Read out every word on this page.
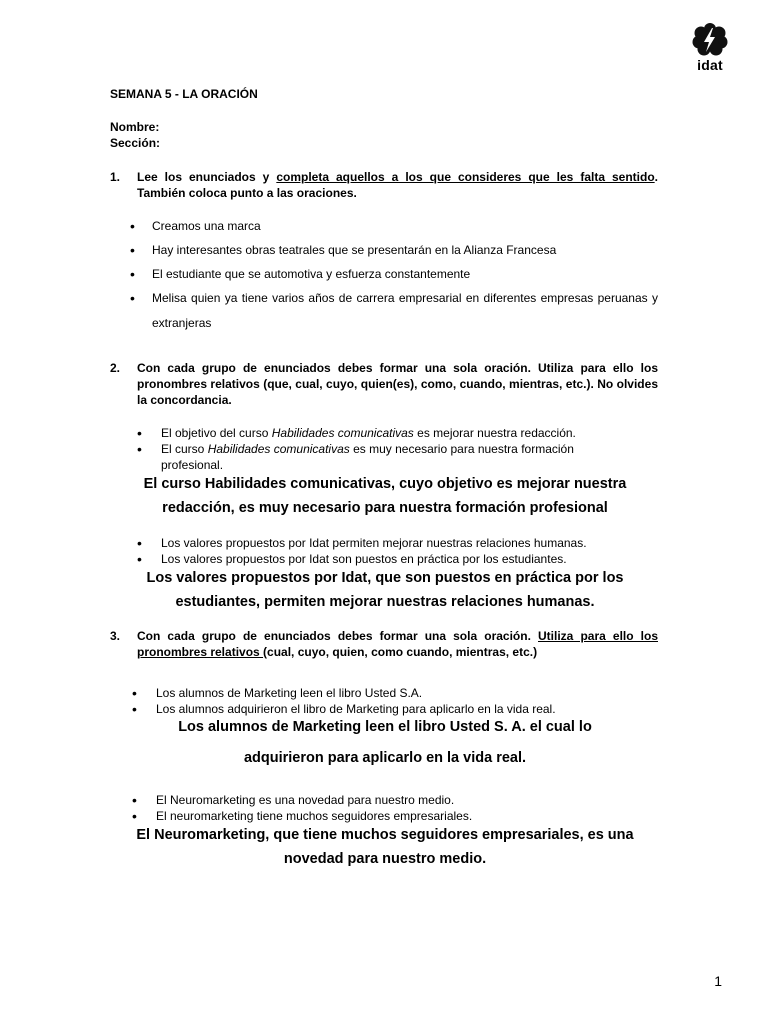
idat
SEMANA 5 - LA ORACIÓN
Nombre:
Sección:
1. Lee los enunciados y completa aquellos a los que consideres que les falta sentido. También coloca punto a las oraciones.
• Creamos una marca
• Hay interesantes obras teatrales que se presentarán en la Alianza Francesa
• El estudiante que se automotiva y esfuerza constantemente
• Melisa quien ya tiene varios años de carrera empresarial en diferentes empresas peruanas y extranjeras
2. Con cada grupo de enunciados debes formar una sola oración. Utiliza para ello los pronombres relativos (que, cual, cuyo, quien(es), como, cuando, mientras, etc.). No olvides la concordancia.
• El objetivo del curso Habilidades comunicativas es mejorar nuestra redacción.
• El curso Habilidades comunicativas es muy necesario para nuestra formación profesional.
El curso Habilidades comunicativas, cuyo objetivo es mejorar nuestra
redacción, es muy necesario para nuestra formación profesional
• Los valores propuestos por Idat permiten mejorar nuestras relaciones humanas.
• Los valores propuestos por Idat son puestos en práctica por los estudiantes.
Los valores propuestos por Idat, que son puestos en práctica por los
estudiantes, permiten mejorar nuestras relaciones humanas.
3. Con cada grupo de enunciados debes formar una sola oración. Utiliza para ello los pronombres relativos (cual, cuyo, quien, como cuando, mientras, etc.)
• Los alumnos de Marketing leen el libro Usted S.A.
• Los alumnos adquirieron el libro de Marketing para aplicarlo en la vida real.
Los alumnos de Marketing leen el libro Usted S. A. el cual lo
adquirieron para aplicarlo en la vida real.
• El Neuromarketing es una novedad para nuestro medio.
• El neuromarketing tiene muchos seguidores empresariales.
El Neuromarketing, que tiene muchos seguidores empresariales, es una
novedad para nuestro medio.
1
